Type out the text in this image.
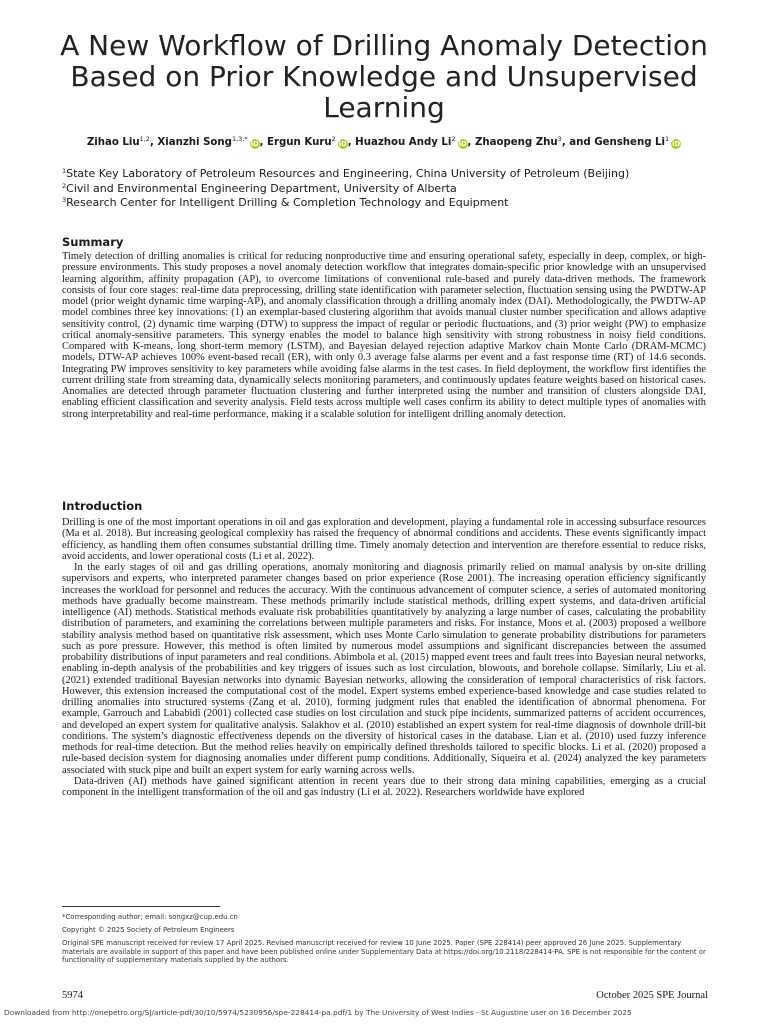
A New Workflow of Drilling Anomaly Detection Based on Prior Knowledge and Unsupervised Learning
Zihao Liu$^{1,2}$, Xianzhi Song$^{1,3,*}$iD, Ergun Kuru$^2$iD, Huazhou Andy Li$^2$iD, Zhaopeng Zhu$^3$, and Gensheng Li$^1$iD
$^1$State Key Laboratory of Petroleum Resources and Engineering, China University of Petroleum (Beijing)
$^2$Civil and Environmental Engineering Department, University of Alberta
$^3$Research Center for Intelligent Drilling & Completion Technology and Equipment
Summary

Timely detection of drilling anomalies is critical for reducing nonproductive time and ensuring operational safety, especially in deep, complex, or high-pressure environments. This study proposes a novel anomaly detection workflow that integrates domain-specific prior knowledge with an unsupervised learning algorithm, affinity propagation (AP), to overcome limitations of conventional rule-based and purely data-driven methods. The framework consists of four core stages: real-time data preprocessing, drilling state identification with parameter selection, fluctuation sensing using the PWDTW-AP model (prior weight dynamic time warping-AP), and anomaly classification through a drilling anomaly index (DAI). Methodologically, the PWDTW-AP model combines three key innovations: (1) an exemplar-based clustering algorithm that avoids manual cluster number specification and allows adaptive sensitivity control, (2) dynamic time warping (DTW) to suppress the impact of regular or periodic fluctuations, and (3) prior weight (PW) to emphasize critical anomaly-sensitive parameters. This synergy enables the model to balance high sensitivity with strong robustness in noisy field conditions. Compared with K-means, long short-term memory (LSTM), and Bayesian delayed rejection adaptive Markov chain Monte Carlo (DRAM-MCMC) models, DTW-AP achieves 100% event-based recall (ER), with only 0.3 average false alarms per event and a fast response time (RT) of 14.6 seconds. Integrating PW improves sensitivity to key parameters while avoiding false alarms in the test cases. In field deployment, the workflow first identifies the current drilling state from streaming data, dynamically selects monitoring parameters, and continuously updates feature weights based on historical cases. Anomalies are detected through parameter fluctuation clustering and further interpreted using the number and transition of clusters alongside DAI, enabling efficient classification and severity analysis. Field tests across multiple well cases confirm its ability to detect multiple types of anomalies with strong interpretability and real-time performance, making it a scalable solution for intelligent drilling anomaly detection.

Introduction

Drilling is one of the most important operations in oil and gas exploration and development, playing a fundamental role in accessing subsurface resources (Ma et al. 2018). But increasing geological complexity has raised the frequency of abnormal conditions and accidents. These events significantly impact efficiency, as handling them often consumes substantial drilling time. Timely anomaly detection and intervention are therefore essential to reduce risks, avoid accidents, and lower operational costs (Li et al. 2022).

In the early stages of oil and gas drilling operations, anomaly monitoring and diagnosis primarily relied on manual analysis by on-site drilling supervisors and experts, who interpreted parameter changes based on prior experience (Rose 2001). The increasing operation efficiency significantly increases the workload for personnel and reduces the accuracy. With the continuous advancement of computer science, a series of automated monitoring methods have gradually become mainstream. These methods primarily include statistical methods, drilling expert systems, and data-driven artificial intelligence (AI) methods. Statistical methods evaluate risk probabilities quantitatively by analyzing a large number of cases, calculating the probability distribution of parameters, and examining the correlations between multiple parameters and risks. For instance, Moos et al. (2003) proposed a wellbore stability analysis method based on quantitative risk assessment, which uses Monte Carlo simulation to generate probability distributions for parameters such as pore pressure. However, this method is often limited by numerous model assumptions and significant discrepancies between the assumed probability distributions of input parameters and real conditions. Abimbola et al. (2015) mapped event trees and fault trees into Bayesian neural networks, enabling in-depth analysis of the probabilities and key triggers of issues such as lost circulation, blowouts, and borehole collapse. Similarly, Liu et al. (2021) extended traditional Bayesian networks into dynamic Bayesian networks, allowing the consideration of temporal characteristics of risk factors. However, this extension increased the computational cost of the model. Expert systems embed experience-based knowledge and case studies related to drilling anomalies into structured systems (Zang et al. 2010), forming judgment rules that enabled the identification of abnormal phenomena. For example, Garrouch and Lababidi (2001) collected case studies on lost circulation and stuck pipe incidents, summarized patterns of accident occurrences, and developed an expert system for qualitative analysis. Salakhov et al. (2010) established an expert system for real-time diagnosis of downhole drill-bit conditions. The system’s diagnostic effectiveness depends on the diversity of historical cases in the database. Lian et al. (2010) used fuzzy inference methods for real-time detection. But the method relies heavily on empirically defined thresholds tailored to specific blocks. Li et al. (2020) proposed a rule-based decision system for diagnosing anomalies under different pump conditions. Additionally, Siqueira et al. (2024) analyzed the key parameters associated with stuck pipe and built an expert system for early warning across wells.

Data-driven (AI) methods have gained significant attention in recent years due to their strong data mining capabilities, emerging as a crucial component in the intelligent transformation of the oil and gas industry (Li et al. 2022). Researchers worldwide have explored

*Corresponding author; email: songxz@cup.edu.cn
Copyright © 2025 Society of Petroleum Engineers
Original SPE manuscript received for review 17 April 2025. Revised manuscript received for review 10 June 2025. Paper (SPE 228414) peer approved 26 June 2025. Supplementary materials are available in support of this paper and have been published online under Supplementary Data at https://doi.org/10.2118/228414-PA. SPE is not responsible for the content or functionality of supplementary materials supplied by the authors.
5974	October 2025 SPE Journal
Downloaded from http://onepetro.org/SJ/article-pdf/30/10/5974/5230956/spe-228414-pa.pdf/1 by The University of West Indies - St Augustine user on 16 December 2025
